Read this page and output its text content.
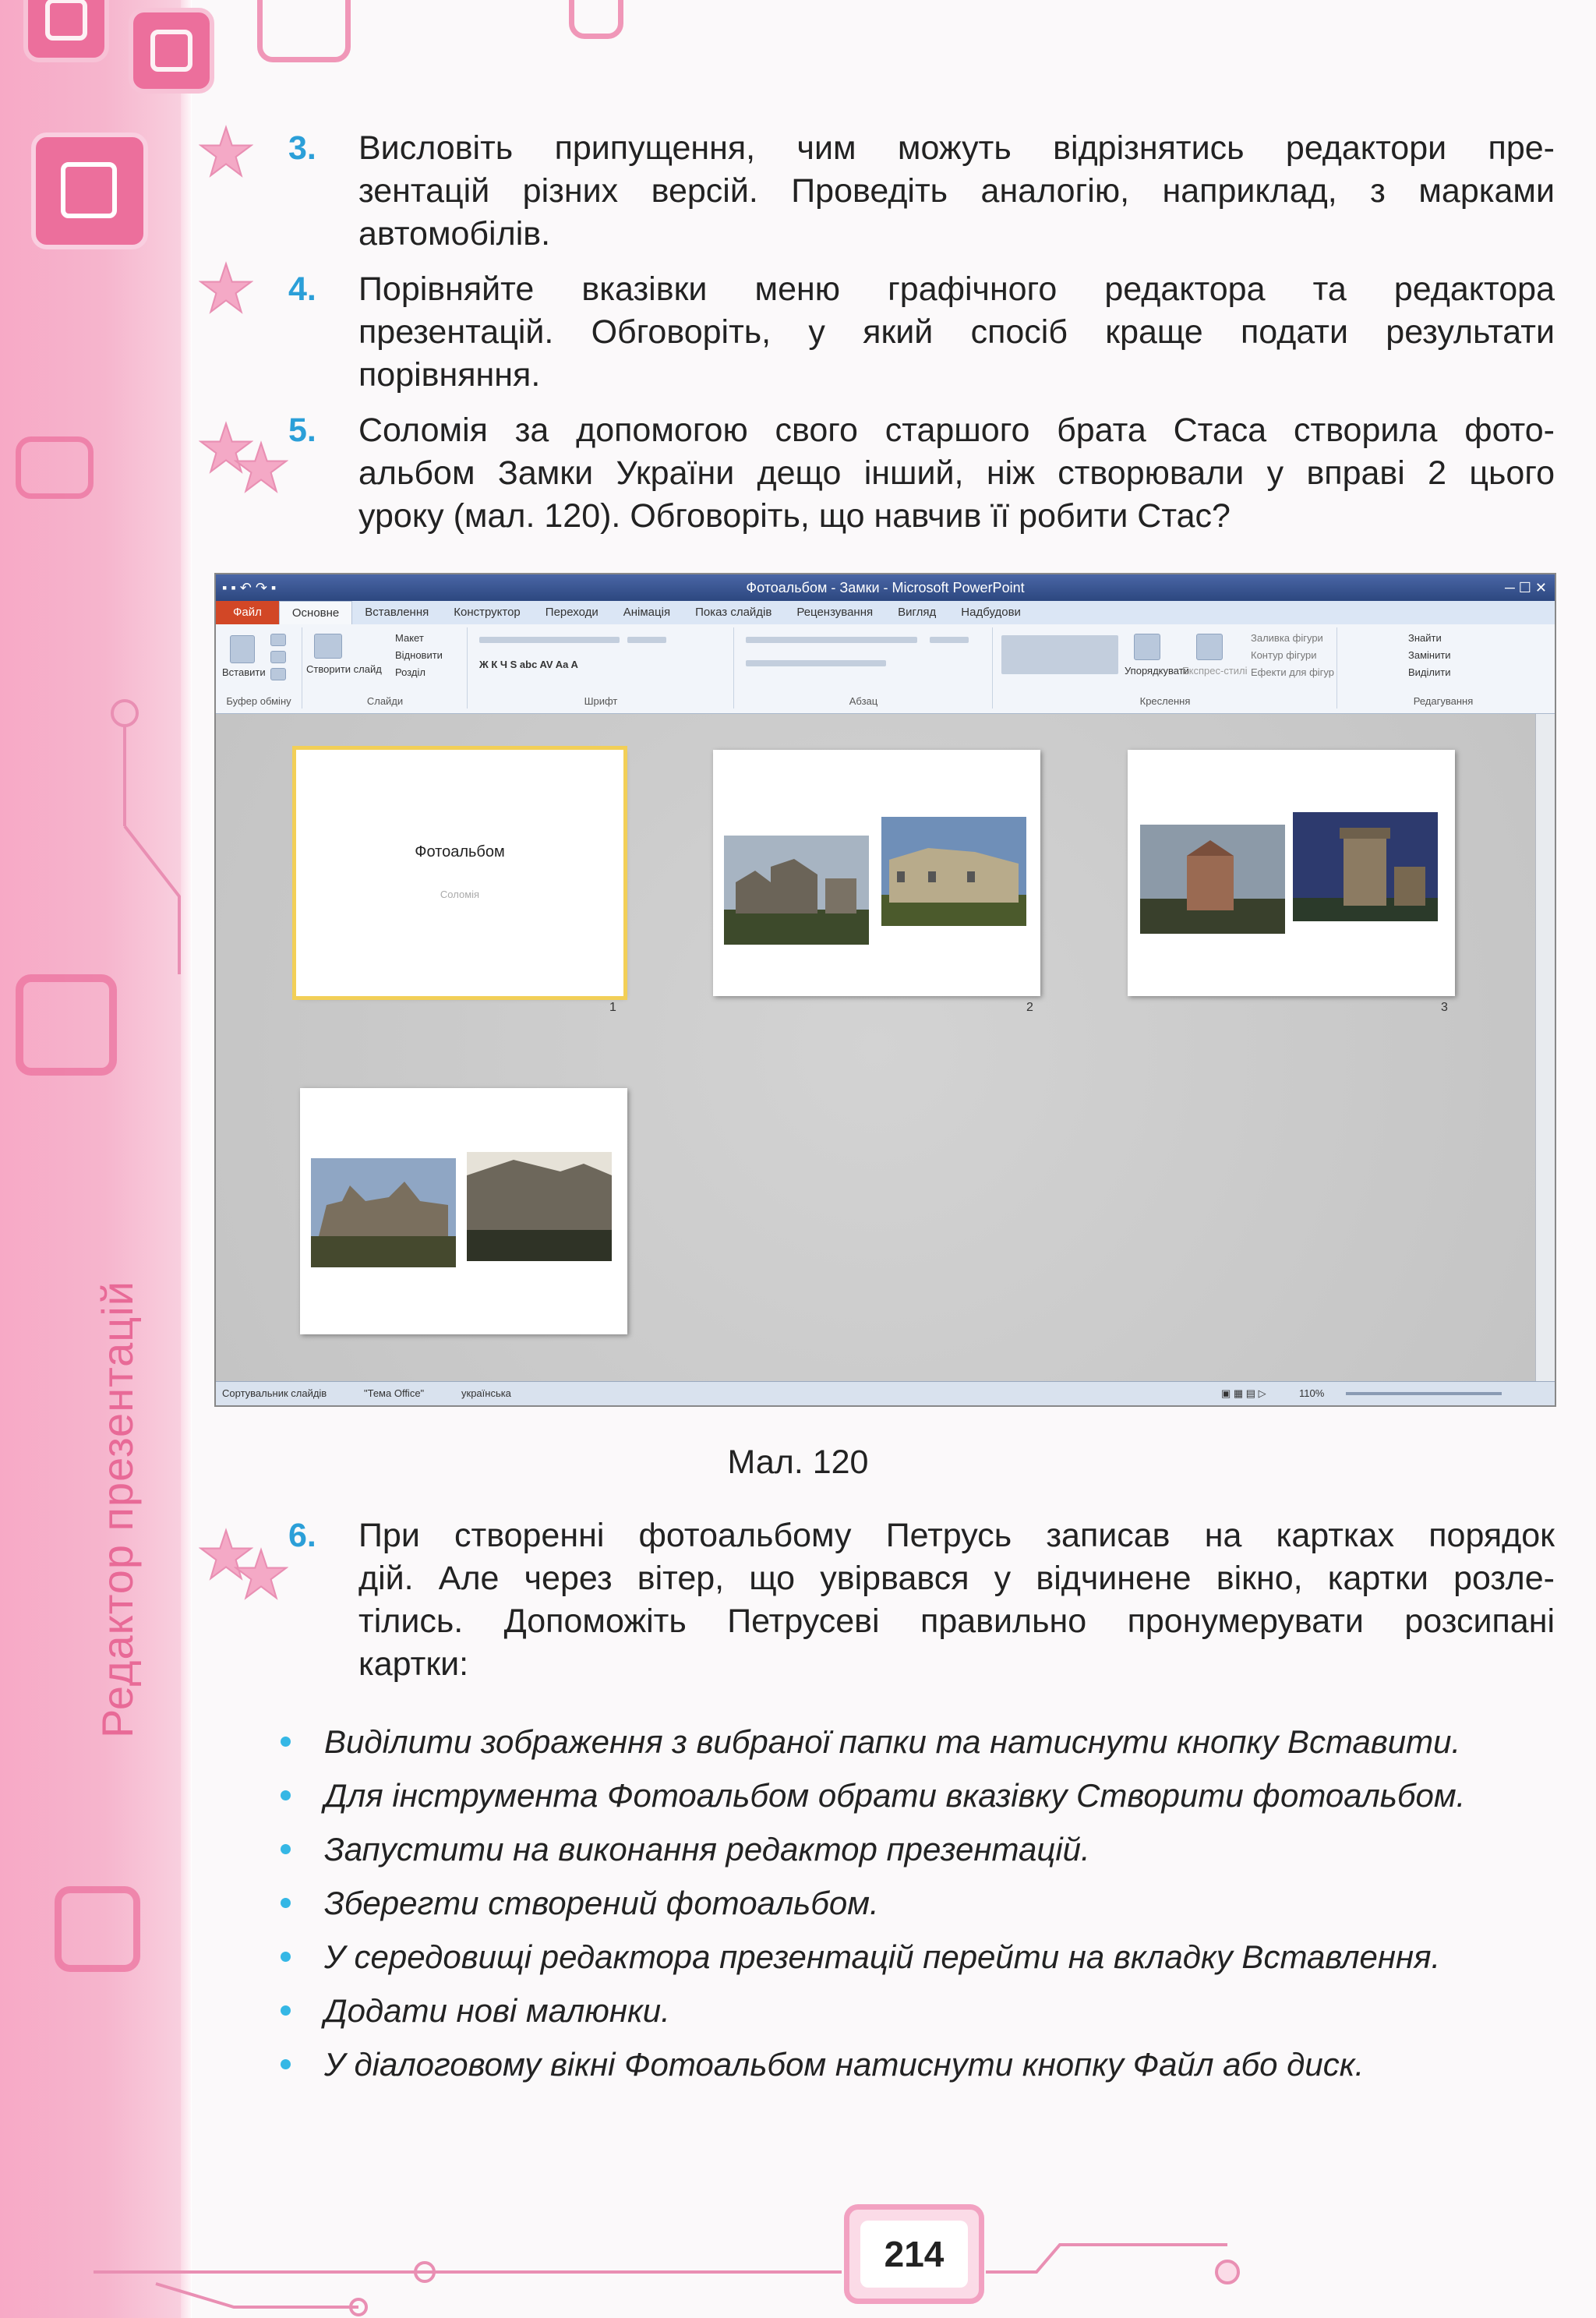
Редактор презентацій
3. Висловіть припущення, чим можуть відрізнятись редактори пре-
зентацій різних версій. Проведіть аналогію, наприклад, з марками
автомобілів.
4. Порівняйте вказівки меню графічного редактора та редактора
презентацій. Обговоріть, у який спосіб краще подати результати
порівняння.
5. Соломія за допомогою свого старшого брата Стаса створила фото-
альбом Замки України дещо інший, ніж створювали у вправі 2 цього
уроку (мал. 120). Обговоріть, що навчив її робити Стас?
▪ ▪ ↶ ↷ ▪	Фотоальбом - Замки - Microsoft PowerPoint	─ ☐ ✕
Файл	Основне	Вставлення	Конструктор	Переходи	Анімація	Показ слайдів	Рецензування	Вигляд	Надбудови
Вставити
Буфер обміну
Створити слайд
Макет
Відновити
Розділ
Слайди
Ж К Ч S abc AV Aa A
Шрифт	Абзац
Упорядкувати
Експрес-стилі
Заливка фігури
Контур фігури
Ефекти для фігур
Креслення
Знайти
Замінити
Виділити
Редагування
Фотоальбом
Соломія
1	2	3
Сортувальник слайдів	"Тема Office"	українська	▣ ▦ ▤ ▷	110%
Мал. 120
6. При створенні фотоальбому Петрусь записав на картках порядок
дій. Але через вітер, що увірвався у відчинене вікно, картки розле-
тілись. Допоможіть Петрусеві правильно пронумерувати розсипані
картки:
Виділити зображення з вибраної папки та натиснути кнопку Вставити.
Для інструмента Фотоальбом обрати вказівку Створити фотоальбом.
Запустити на виконання редактор презентацій.
Зберегти створений фотоальбом.
У середовищі редактора презентацій перейти на вкладку Вставлення.
Додати нові малюнки.
У діалоговому вікні Фотоальбом натиснути кнопку Файл або диск.
214
